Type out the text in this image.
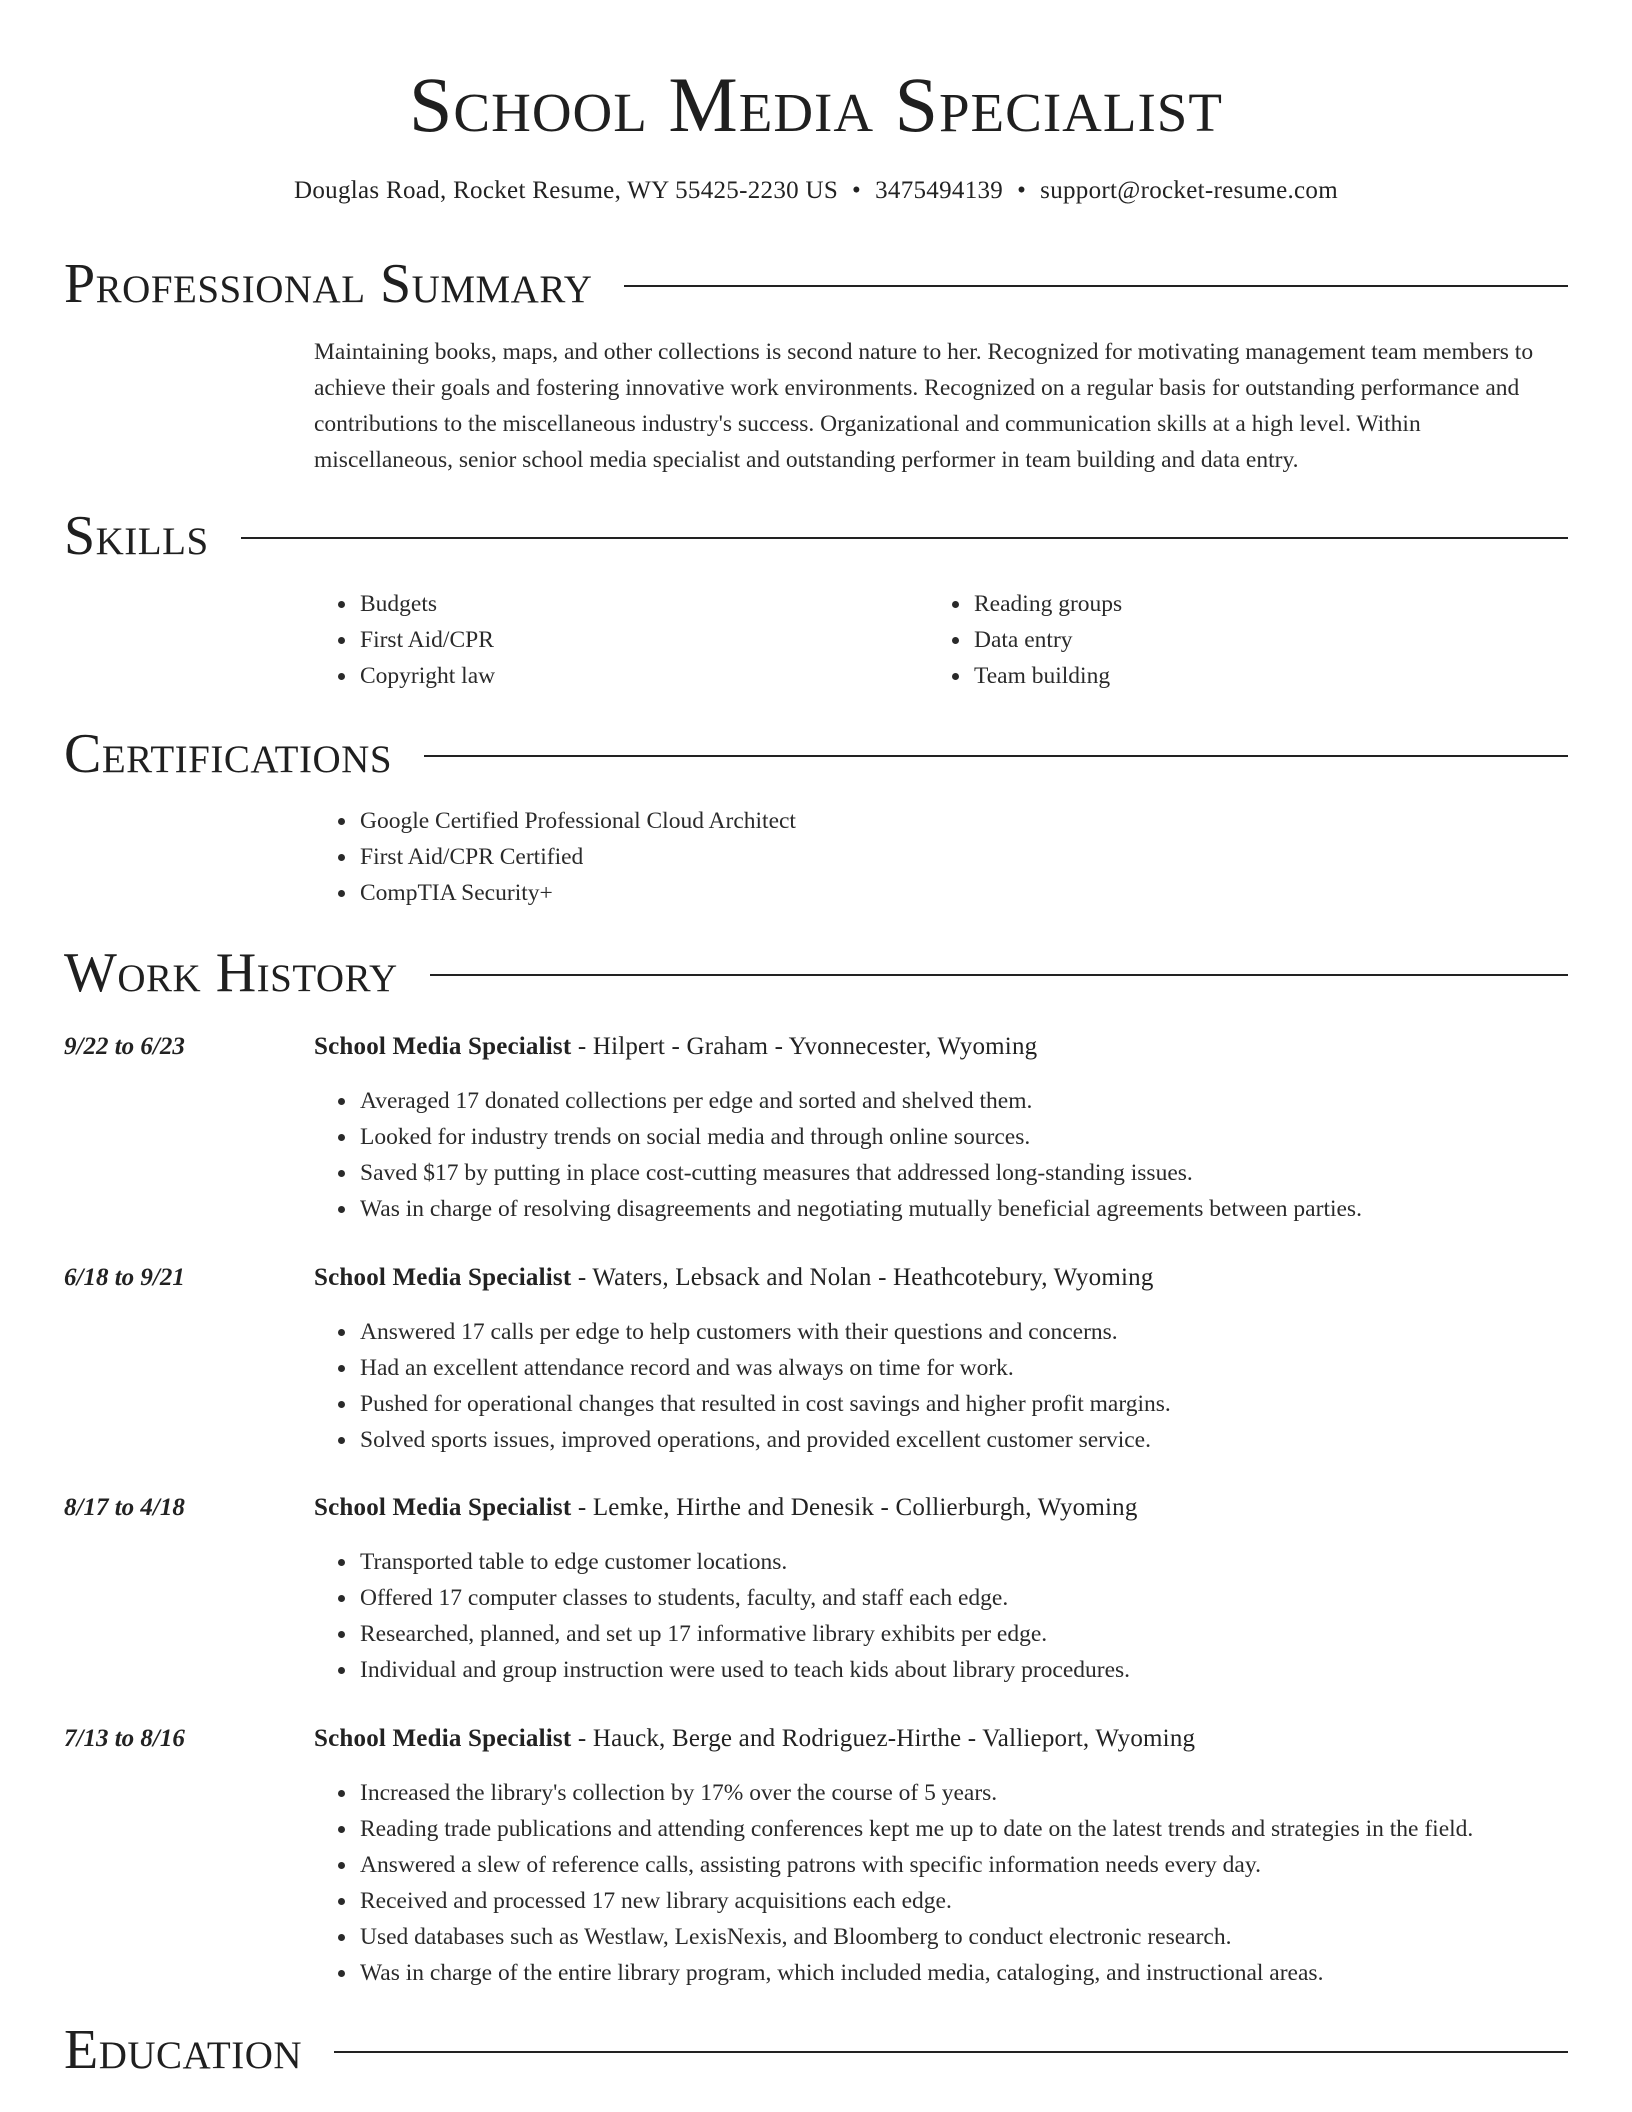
School Media Specialist
Douglas Road, Rocket Resume, WY 55425-2230 US • 3475494139 • support@rocket-resume.com
Professional Summary
Maintaining books, maps, and other collections is second nature to her. Recognized for motivating management team members to achieve their goals and fostering innovative work environments. Recognized on a regular basis for outstanding performance and contributions to the miscellaneous industry's success. Organizational and communication skills at a high level. Within miscellaneous, senior school media specialist and outstanding performer in team building and data entry.
Skills
• Budgets
• First Aid/CPR
• Copyright law
• Reading groups
• Data entry
• Team building
Certifications
• Google Certified Professional Cloud Architect
• First Aid/CPR Certified
• CompTIA Security+
Work History
9/22 to 6/23	School Media Specialist - Hilpert - Graham - Yvonnecester, Wyoming
• Averaged 17 donated collections per edge and sorted and shelved them.
• Looked for industry trends on social media and through online sources.
• Saved $17 by putting in place cost-cutting measures that addressed long-standing issues.
• Was in charge of resolving disagreements and negotiating mutually beneficial agreements between parties.
6/18 to 9/21	School Media Specialist - Waters, Lebsack and Nolan - Heathcotebury, Wyoming
• Answered 17 calls per edge to help customers with their questions and concerns.
• Had an excellent attendance record and was always on time for work.
• Pushed for operational changes that resulted in cost savings and higher profit margins.
• Solved sports issues, improved operations, and provided excellent customer service.
8/17 to 4/18	School Media Specialist - Lemke, Hirthe and Denesik - Collierburgh, Wyoming
• Transported table to edge customer locations.
• Offered 17 computer classes to students, faculty, and staff each edge.
• Researched, planned, and set up 17 informative library exhibits per edge.
• Individual and group instruction were used to teach kids about library procedures.
7/13 to 8/16	School Media Specialist - Hauck, Berge and Rodriguez-Hirthe - Vallieport, Wyoming
• Increased the library's collection by 17% over the course of 5 years.
• Reading trade publications and attending conferences kept me up to date on the latest trends and strategies in the field.
• Answered a slew of reference calls, assisting patrons with specific information needs every day.
• Received and processed 17 new library acquisitions each edge.
• Used databases such as Westlaw, LexisNexis, and Bloomberg to conduct electronic research.
• Was in charge of the entire library program, which included media, cataloging, and instructional areas.
Education
